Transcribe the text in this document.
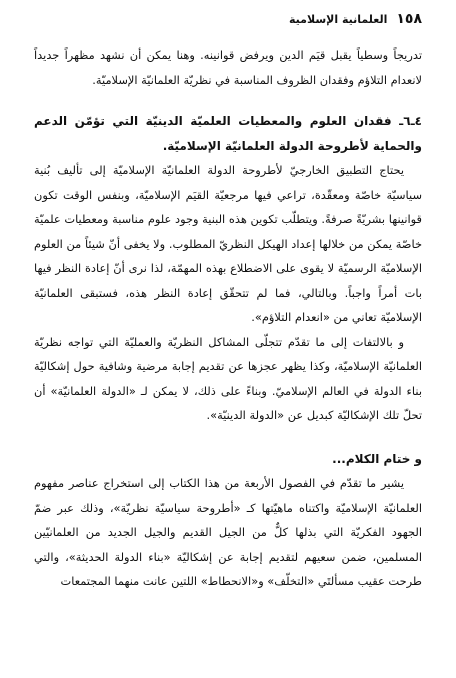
١٥٨
العلمانية الإسلامية

تدريجاً وسطياً يقبل قيَم الدين ويرفض قوانينه. وهنا يمكن أن نشهد مظهراً جديداً لانعدام التلاؤم وفقدان الظروف المناسبة في نظريّة العلمانيّة الإسلاميّة.

٤ـ٦ـ فقدان العلوم والمعطيات العلميّة الدينيّة التي تؤمّن الدعم والحماية لأطروحة الدولة العلمانيّة الإسلاميّة.

يحتاج التطبيق الخارجيّ لأطروحة الدولة العلمانيّة الإسلاميّة إلى تأليف بُنية سياسيّة خاصّة ومعقّدة، تراعي فيها مرجعيّة القيَم الإسلاميّة، وبنفس الوقت تكون قوانينها بشريّةً صرفةً. ويتطلّب تكوين هذه البنية وجود علوم مناسبة ومعطيات علميّة خاصّة يمكن من خلالها إعداد الهيكل النظريّ المطلوب. ولا يخفى أنّ شيئاً من العلوم الإسلاميّة الرسميّة لا يقوى على الاضطلاع بهذه المهمّة، لذا نرى أنّ إعادة النظر فيها بات أمراً واجباً. وبالتالي، فما لم تتحقّق إعادة النظر هذه، فستبقى العلمانيّة الإسلاميّة تعاني من «انعدام التلاؤم».

و بالالتفات إلى ما تقدّم تتجلّى المشاكل النظريّة والعمليّة التي تواجه نظريّة العلمانيّة الإسلاميّة، وكذا يظهر عجزها عن تقديم إجابة مرضية وشافية حول إشكاليّة بناء الدولة في العالم الإسلاميّ. وبناءً على ذلك، لا يمكن لـ «الدولة العلمانيّة» أن تحلّ تلك الإشكاليّة كبديل عن «الدولة الدينيّة».

و ختام الكلام...

يشير ما تقدّم في الفصول الأربعة من هذا الكتاب إلى استخراج عناصر مفهوم العلمانيّة الإسلاميّة واكتناه ماهيّتها كـ «أطروحة سياسيّة نظريّة»، وذلك عبر ضمّ الجهود الفكريّة التي بذلها كلٌّ من الجيل القديم والجيل الجديد من العلمانيّين المسلمين، ضمن سعيهم لتقديم إجابة عن إشكاليّة «بناء الدولة الحديثة»، والتي طرحت عقيب مسألتَي «التخلّف» و«الانحطاط» اللتين عانت منهما المجتمعات
